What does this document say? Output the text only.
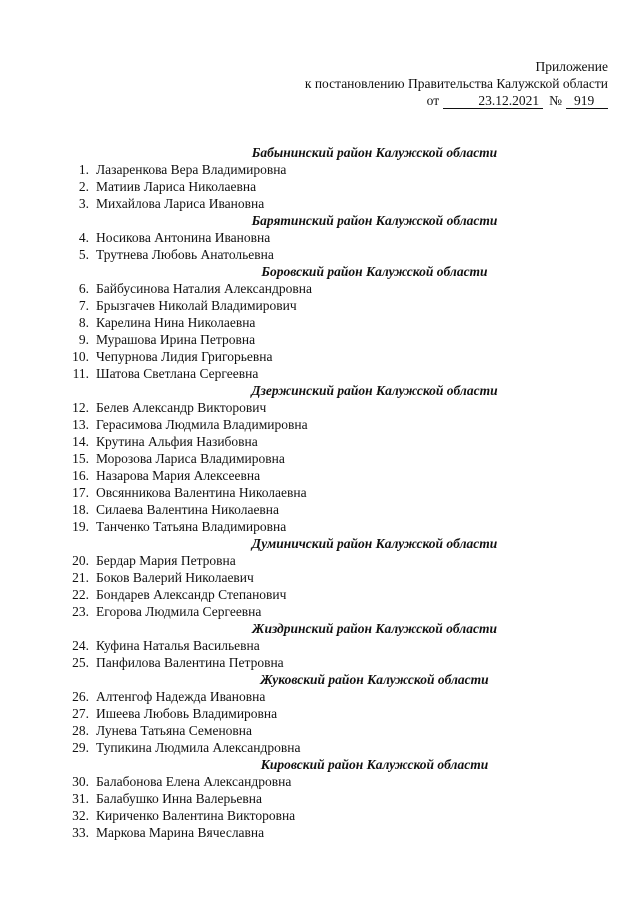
Приложение
к постановлению Правительства Калужской области
от	23.12.2021 № 919
Бабынинский район Калужской области
1. Лазаренкова Вера Владимировна
2. Матиив Лариса Николаевна
3. Михайлова Лариса Ивановна
Барятинский район Калужской области
4. Носикова Антонина Ивановна
5. Трутнева Любовь Анатольевна
Боровский район Калужской области
6. Байбусинова Наталия Александровна
7. Брызгачев Николай Владимирович
8. Карелина Нина Николаевна
9. Мурашова Ирина Петровна
10. Чепурнова Лидия Григорьевна
11. Шатова Светлана Сергеевна
Дзержинский район Калужской области
12. Белев Александр Викторович
13. Герасимова Людмила Владимировна
14. Крутина Альфия Назибовна
15. Морозова Лариса Владимировна
16. Назарова Мария Алексеевна
17. Овсянникова Валентина Николаевна
18. Силаева Валентина Николаевна
19. Танченко Татьяна Владимировна
Думиничский район Калужской области
20. Бердар Мария Петровна
21. Боков Валерий Николаевич
22. Бондарев Александр Степанович
23. Егорова Людмила Сергеевна
Жиздринский район Калужской области
24. Куфина Наталья Васильевна
25. Панфилова Валентина Петровна
Жуковский район Калужской области
26. Алтенгоф Надежда Ивановна
27. Ишеева Любовь Владимировна
28. Лунева Татьяна Семеновна
29. Тупикина Людмила Александровна
Кировский район Калужской области
30. Балабонова Елена Александровна
31. Балабушко Инна Валерьевна
32. Кириченко Валентина Викторовна
33. Маркова Марина Вячеславна
